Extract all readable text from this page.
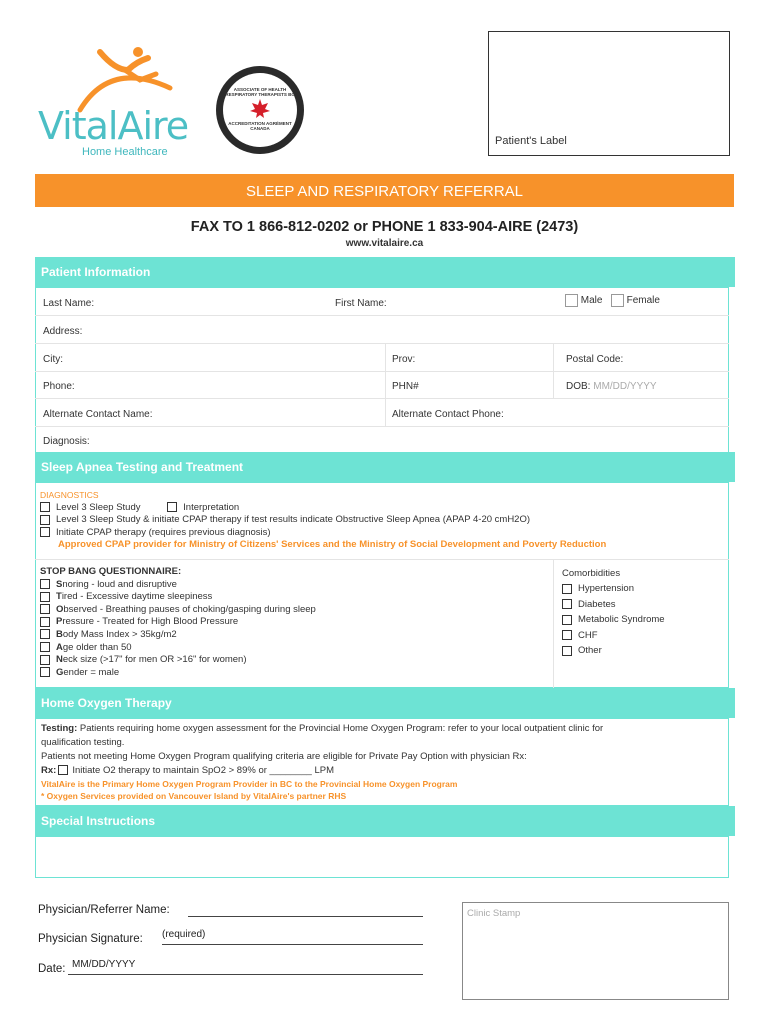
VitalAire
Home Healthcare
ASSOCIATE OF HEALTH RESPIRATORY THERAPISTS BC
ACCREDITATION AGRÉMENT CANADA
Patient's Label
SLEEP AND RESPIRATORY REFERRAL
FAX TO 1 866-812-0202 or PHONE 1 833-904-AIRE (2473)
www.vitalaire.ca
Patient Information
Last Name:	First Name:	Male Female
Address:
City:	Prov:	Postal Code:
Phone:	PHN#	DOB: MM/DD/YYYY
Alternate Contact Name:	Alternate Contact Phone:
Diagnosis:
Sleep Apnea Testing and Treatment
DIAGNOSTICS
Level 3 Sleep Study	Interpretation
Level 3 Sleep Study & initiate CPAP therapy if test results indicate Obstructive Sleep Apnea (APAP 4-20 cmH2O)
Initiate CPAP therapy (requires previous diagnosis)
Approved CPAP provider for Ministry of Citizens' Services and the Ministry of Social Development and Poverty Reduction
STOP BANG QUESTIONNAIRE:
Snoring - loud and disruptive
Tired - Excessive daytime sleepiness
Observed - Breathing pauses of choking/gasping during sleep
Pressure - Treated for High Blood Pressure
Body Mass Index > 35kg/m2
Age older than 50
Neck size (>17" for men OR >16" for women)
Gender = male
Comorbidities
Hypertension
Diabetes
Metabolic Syndrome
CHF
Other
Home Oxygen Therapy
Testing: Patients requiring home oxygen assessment for the Provincial Home Oxygen Program: refer to your local outpatient clinic for
qualification testing.
Patients not meeting Home Oxygen Program qualifying criteria are eligible for Private Pay Option with physician Rx:
Rx: Initiate O2 therapy to maintain SpO2 > 89% or ________ LPM
VitalAire is the Primary Home Oxygen Program Provider in BC to the Provincial Home Oxygen Program
* Oxygen Services provided on Vancouver Island by VitalAire's partner RHS
Special Instructions
Physician/Referrer Name:
Physician Signature: (required)
Date: MM/DD/YYYY
Clinic Stamp
